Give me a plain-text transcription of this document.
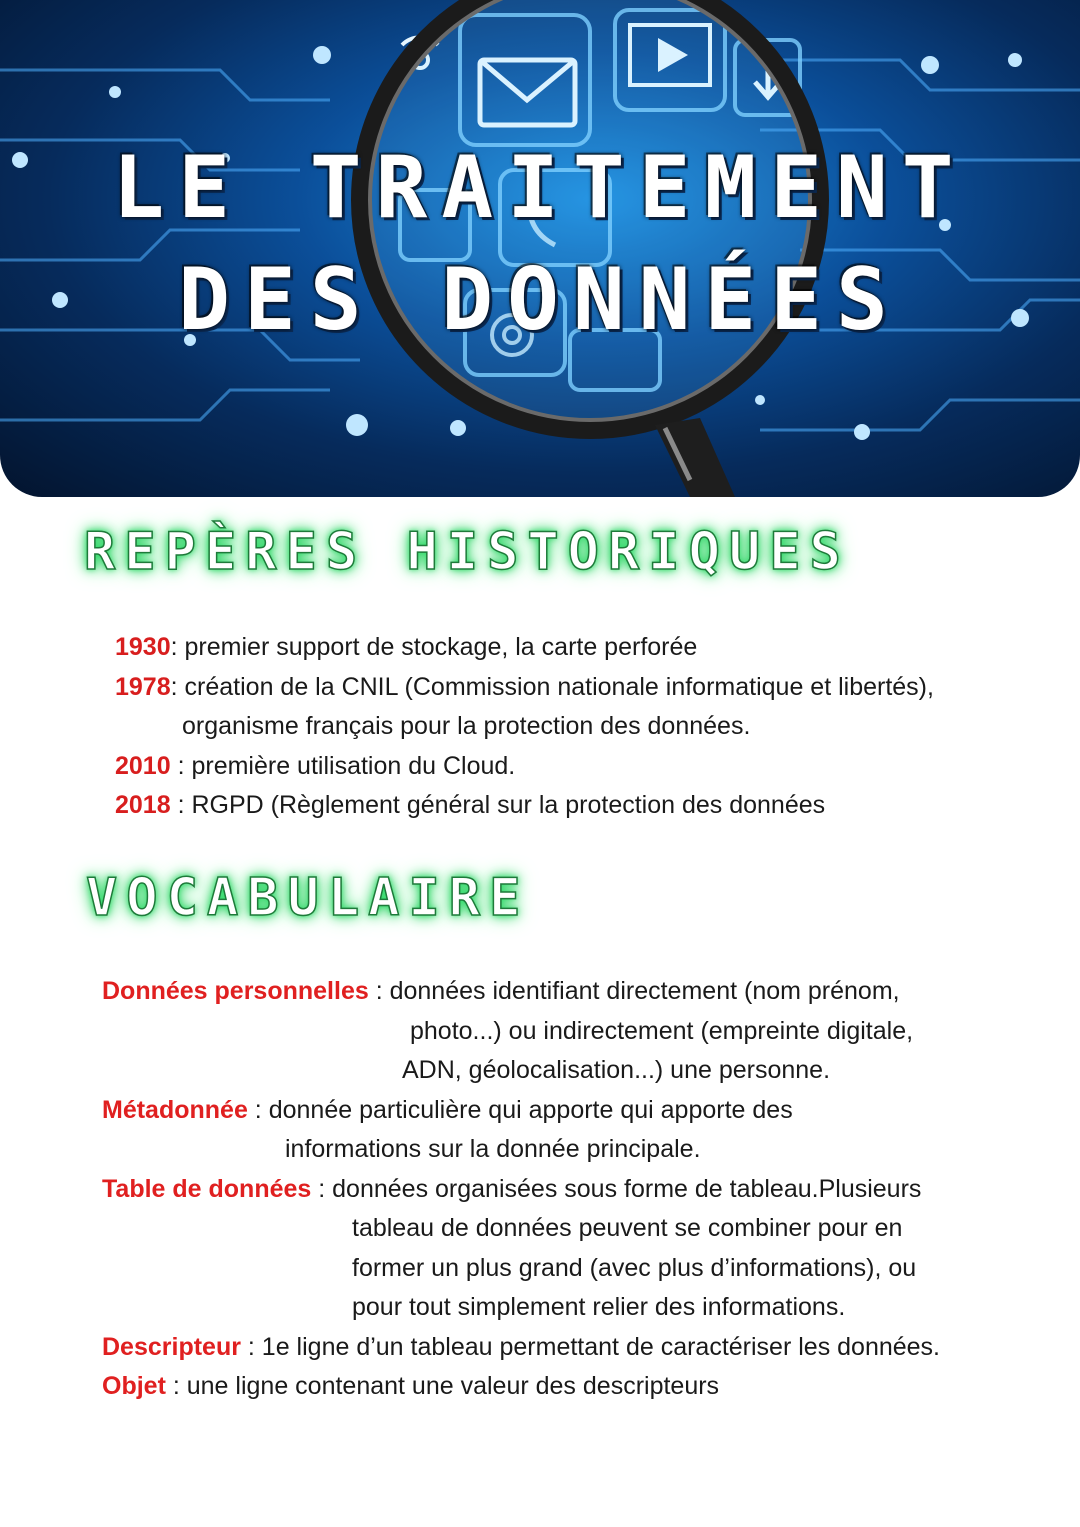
LE TRAITEMENT
DES DONNÉES
REPÈRES HISTORIQUES
1930: premier support de stockage, la carte perforée
1978: création de la CNIL (Commission nationale informatique et libertés),
organisme français pour la protection des données.
2010 : première utilisation du Cloud.
2018 : RGPD (Règlement général sur la protection des données
VOCABULAIRE
Données personnelles : données identifiant directement (nom prénom,
photo...) ou indirectement (empreinte digitale,
ADN, géolocalisation...) une personne.
Métadonnée : donnée particulière qui apporte qui apporte des
informations sur la donnée principale.
Table de données : données organisées sous forme de tableau.Plusieurs
tableau de données peuvent se combiner pour en
former un plus grand (avec plus d’informations), ou
pour tout simplement relier des informations.
Descripteur : 1e ligne d’un tableau permettant de caractériser les données.
Objet : une ligne contenant une valeur des descripteurs
